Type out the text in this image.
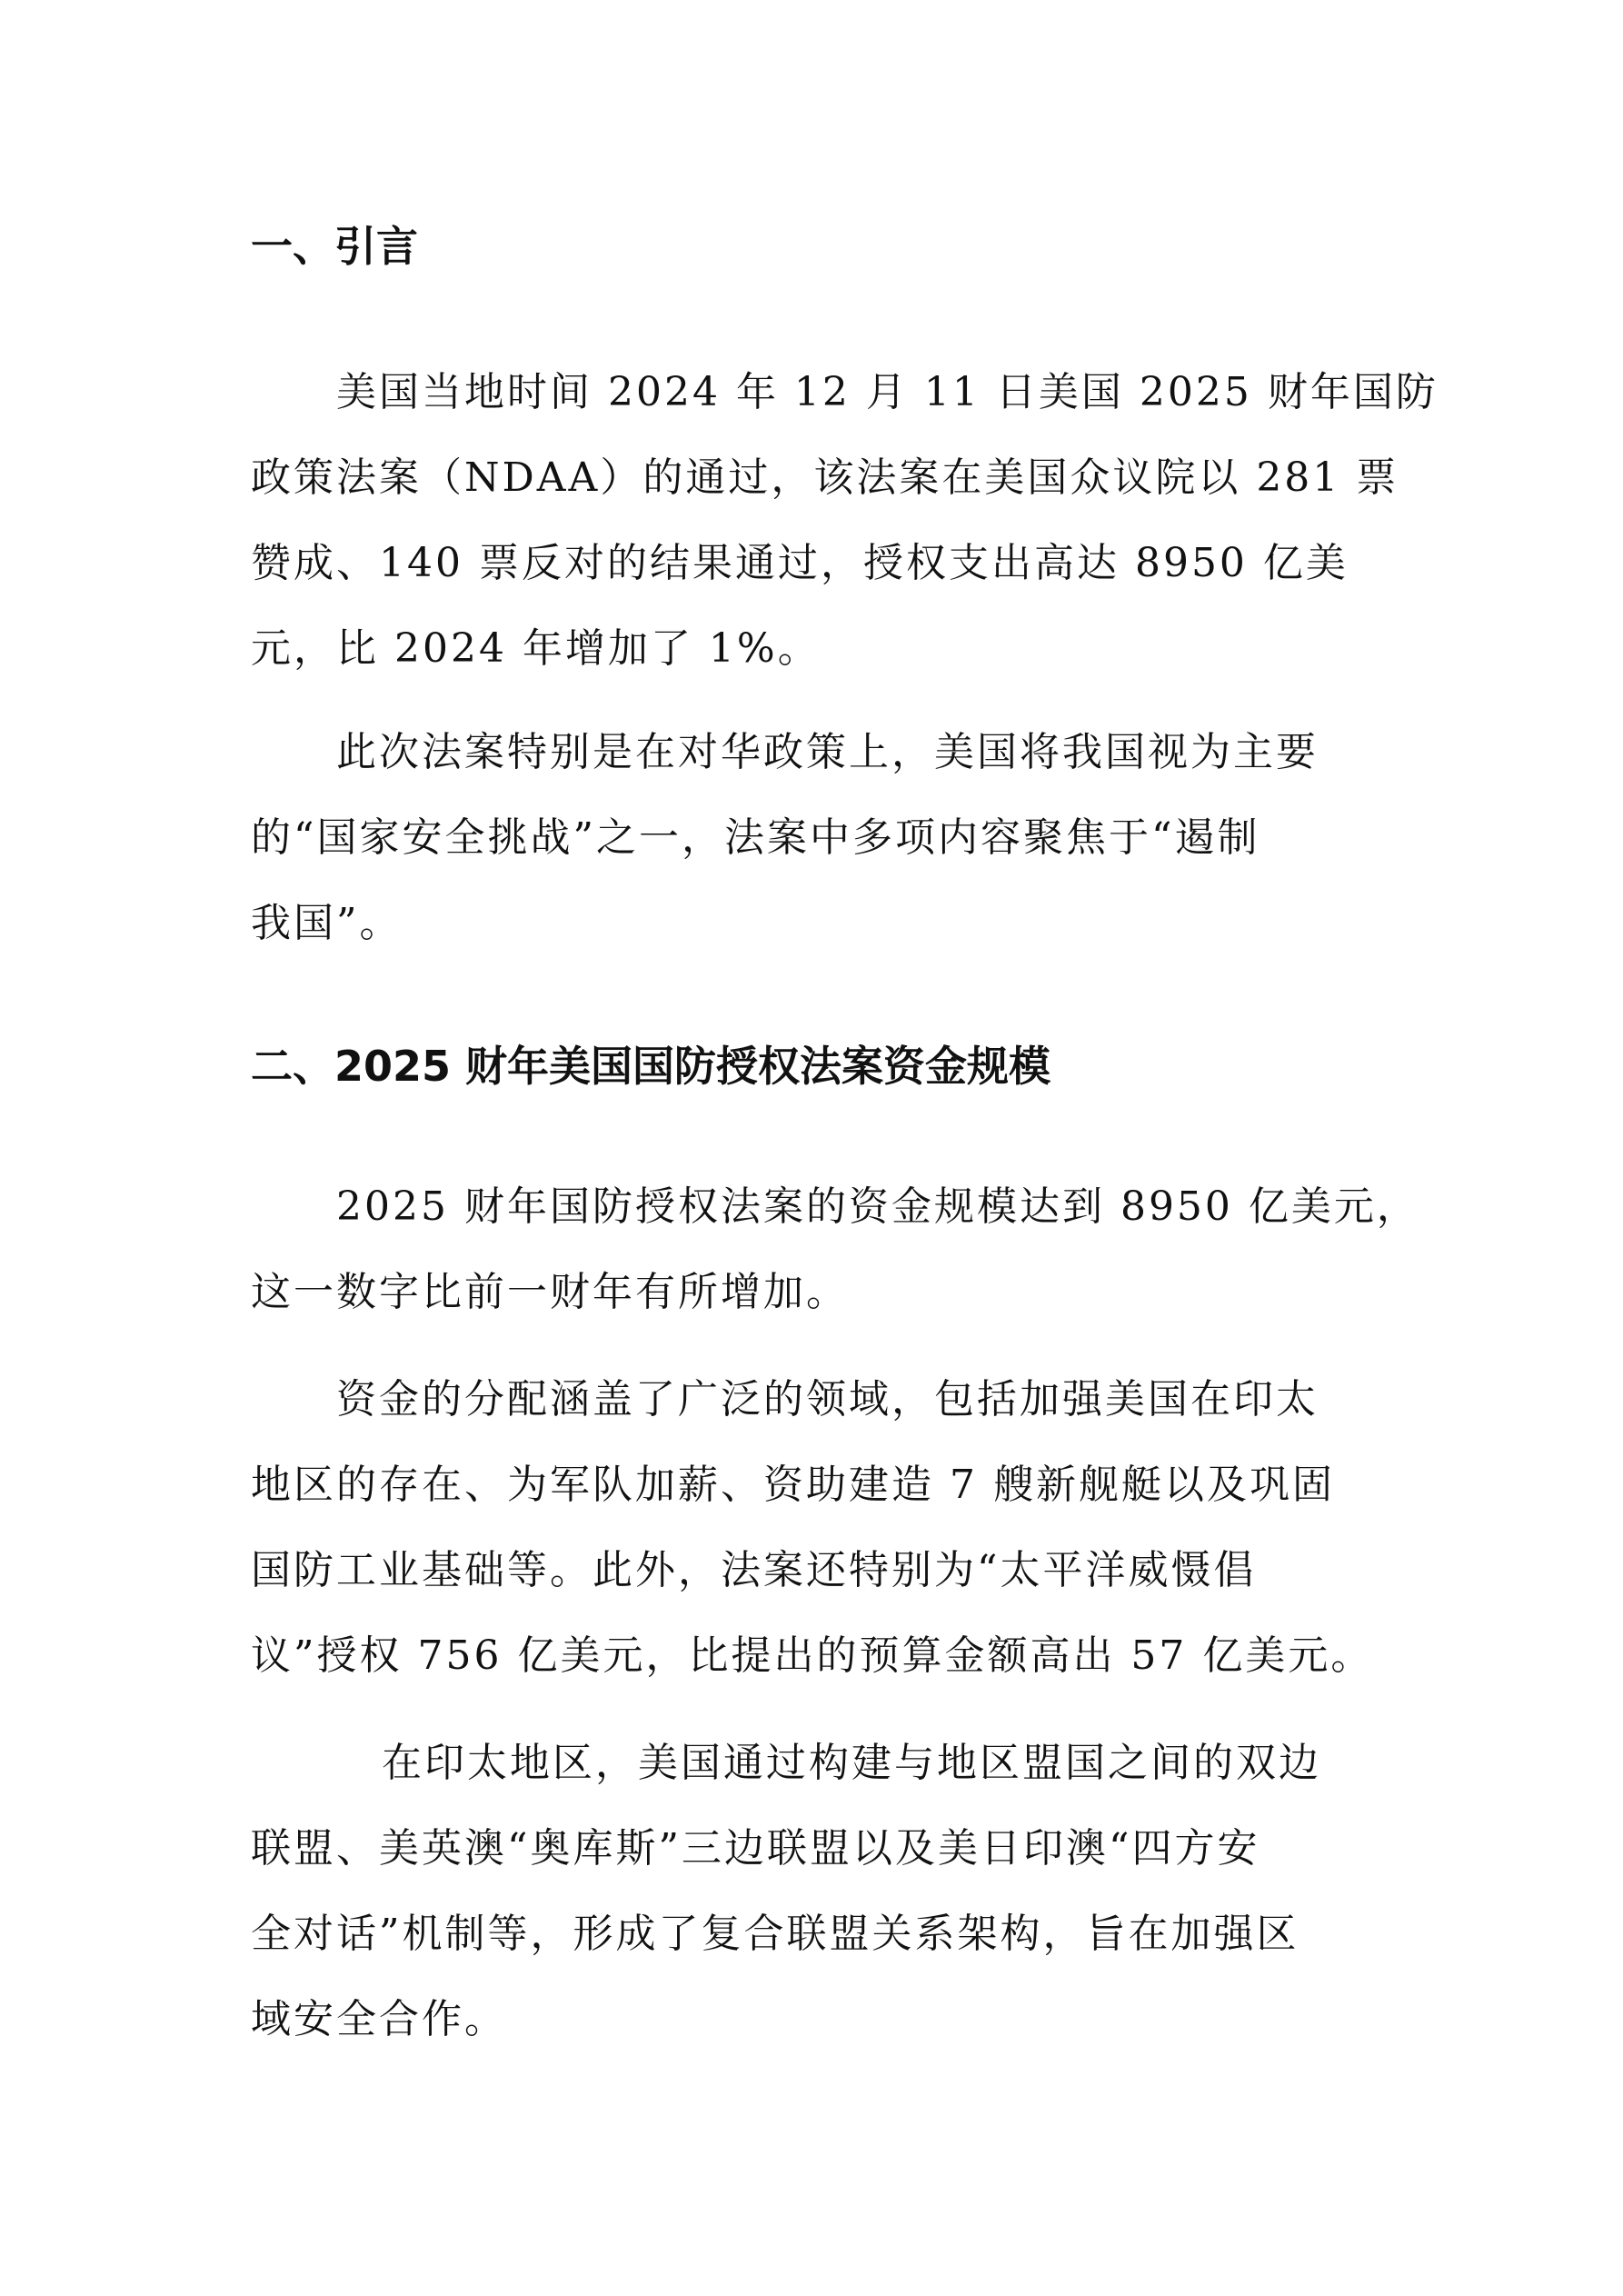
一、引言
美国当地时间 2024 年 12 月 11 日美国 2025 财年国防
政策法案（NDAA）的通过，该法案在美国众议院以 281 票
赞成、140 票反对的结果通过，授权支出高达 8950 亿美
元，比 2024 年增加了 1%。
此次法案特别是在对华政策上，美国将我国视为主要
的“国家安全挑战”之一，法案中多项内容聚焦于“遏制
我国”。
二、2025 财年美国国防授权法案资金规模
2025 财年国防授权法案的资金规模达到 8950 亿美元，
这一数字比前一财年有所增加。
资金的分配涵盖了广泛的领域，包括加强美国在印太
地区的存在、为军队加薪、资助建造 7 艘新舰艇以及巩固
国防工业基础等。此外，法案还特别为“太平洋威慑倡
议”授权 756 亿美元，比提出的预算金额高出 57 亿美元。
在印太地区，美国通过构建与地区盟国之间的双边
联盟、美英澳“奥库斯”三边联盟以及美日印澳“四方安
全对话”机制等，形成了复合联盟关系架构，旨在加强区
域安全合作。
